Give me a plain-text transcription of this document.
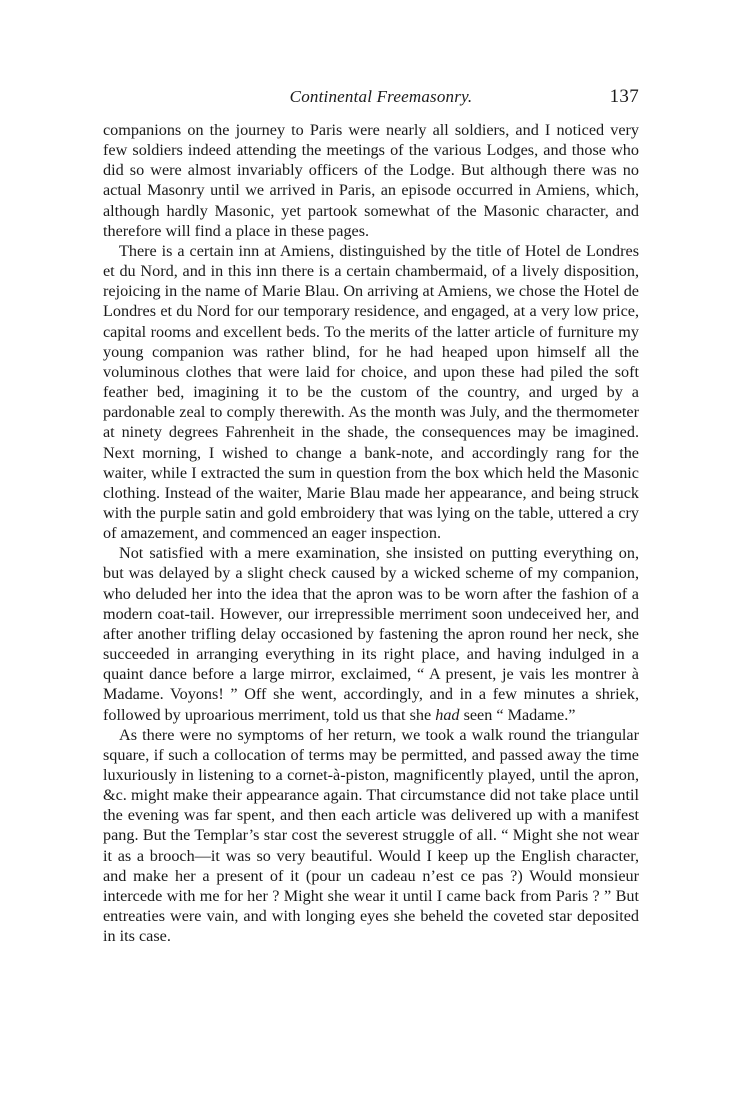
Continental Freemasonry.	137

companions on the journey to Paris were nearly all soldiers, and I noticed very few soldiers indeed attending the meetings of the various Lodges, and those who did so were almost invariably officers of the Lodge. But although there was no actual Masonry until we arrived in Paris, an episode occurred in Amiens, which, although hardly Masonic, yet partook somewhat of the Masonic character, and therefore will find a place in these pages.

There is a certain inn at Amiens, distinguished by the title of Hotel de Londres et du Nord, and in this inn there is a certain chambermaid, of a lively disposition, rejoicing in the name of Marie Blau. On arriving at Amiens, we chose the Hotel de Londres et du Nord for our temporary residence, and engaged, at a very low price, capital rooms and excellent beds. To the merits of the latter article of furniture my young companion was rather blind, for he had heaped upon himself all the voluminous clothes that were laid for choice, and upon these had piled the soft feather bed, imagining it to be the custom of the country, and urged by a pardonable zeal to comply therewith. As the month was July, and the thermometer at ninety degrees Fahrenheit in the shade, the consequences may be imagined. Next morning, I wished to change a bank-note, and accordingly rang for the waiter, while I extracted the sum in question from the box which held the Masonic clothing. Instead of the waiter, Marie Blau made her appearance, and being struck with the purple satin and gold embroidery that was lying on the table, uttered a cry of amazement, and commenced an eager inspection.

Not satisfied with a mere examination, she insisted on putting everything on, but was delayed by a slight check caused by a wicked scheme of my companion, who deluded her into the idea that the apron was to be worn after the fashion of a modern coat-tail. However, our irrepressible merriment soon undeceived her, and after another trifling delay occasioned by fastening the apron round her neck, she succeeded in arranging everything in its right place, and having indulged in a quaint dance before a large mirror, exclaimed, “ A present, je vais les montrer à Madame. Voyons! ” Off she went, accordingly, and in a few minutes a shriek, followed by uproarious merriment, told us that she had seen “ Madame.”

As there were no symptoms of her return, we took a walk round the triangular square, if such a collocation of terms may be permitted, and passed away the time luxuriously in listening to a cornet-à-piston, magnificently played, until the apron, &c. might make their appearance again. That circumstance did not take place until the evening was far spent, and then each article was delivered up with a manifest pang. But the Templar’s star cost the severest struggle of all. “ Might she not wear it as a brooch—it was so very beautiful. Would I keep up the English character, and make her a present of it (pour un cadeau n’est ce pas ?) Would monsieur intercede with me for her ? Might she wear it until I came back from Paris ? ” But entreaties were vain, and with longing eyes she beheld the coveted star deposited in its case.
